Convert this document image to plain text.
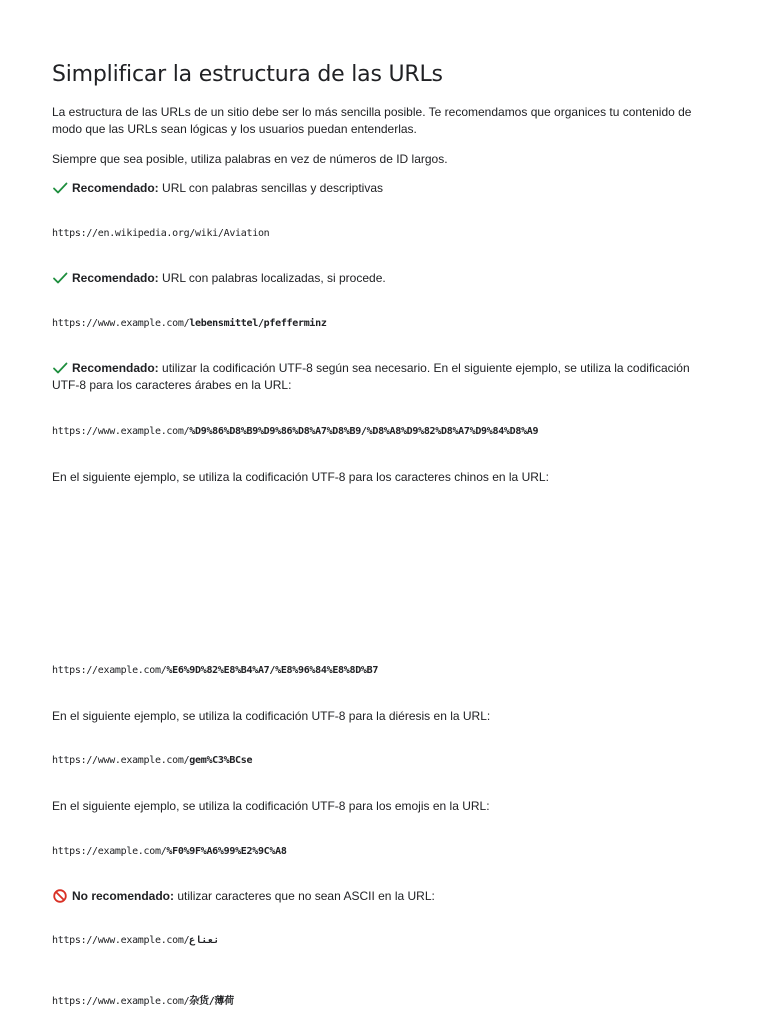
Simplificar la estructura de las URLs

La estructura de las URLs de un sitio debe ser lo más sencilla posible. Te recomendamos que organices tu contenido de modo que las URLs sean lógicas y los usuarios puedan entenderlas.

Siempre que sea posible, utiliza palabras en vez de números de ID largos.

Recomendado: URL con palabras sencillas y descriptivas

https://en.wikipedia.org/wiki/Aviation

Recomendado: URL con palabras localizadas, si procede.

https://www.example.com/lebensmittel/pfefferminz

Recomendado: utilizar la codificación UTF-8 según sea necesario. En el siguiente ejemplo, se utiliza la codificación UTF-8 para los caracteres árabes en la URL:

https://www.example.com/%D9%86%D8%B9%D9%86%D8%A7%D8%B9/%D8%A8%D9%82%D8%A7%D9%84%D8%A9

En el siguiente ejemplo, se utiliza la codificación UTF-8 para los caracteres chinos en la URL:

https://example.com/%E6%9D%82%E8%B4%A7/%E8%96%84%E8%8D%B7

En el siguiente ejemplo, se utiliza la codificación UTF-8 para la diéresis en la URL:

https://www.example.com/gem%C3%BCse

En el siguiente ejemplo, se utiliza la codificación UTF-8 para los emojis en la URL:

https://example.com/%F0%9F%A6%99%E2%9C%A8

No recomendado: utilizar caracteres que no sean ASCII en la URL:

https://www.example.com/نعناع
https://www.example.com/杂货/薄荷
